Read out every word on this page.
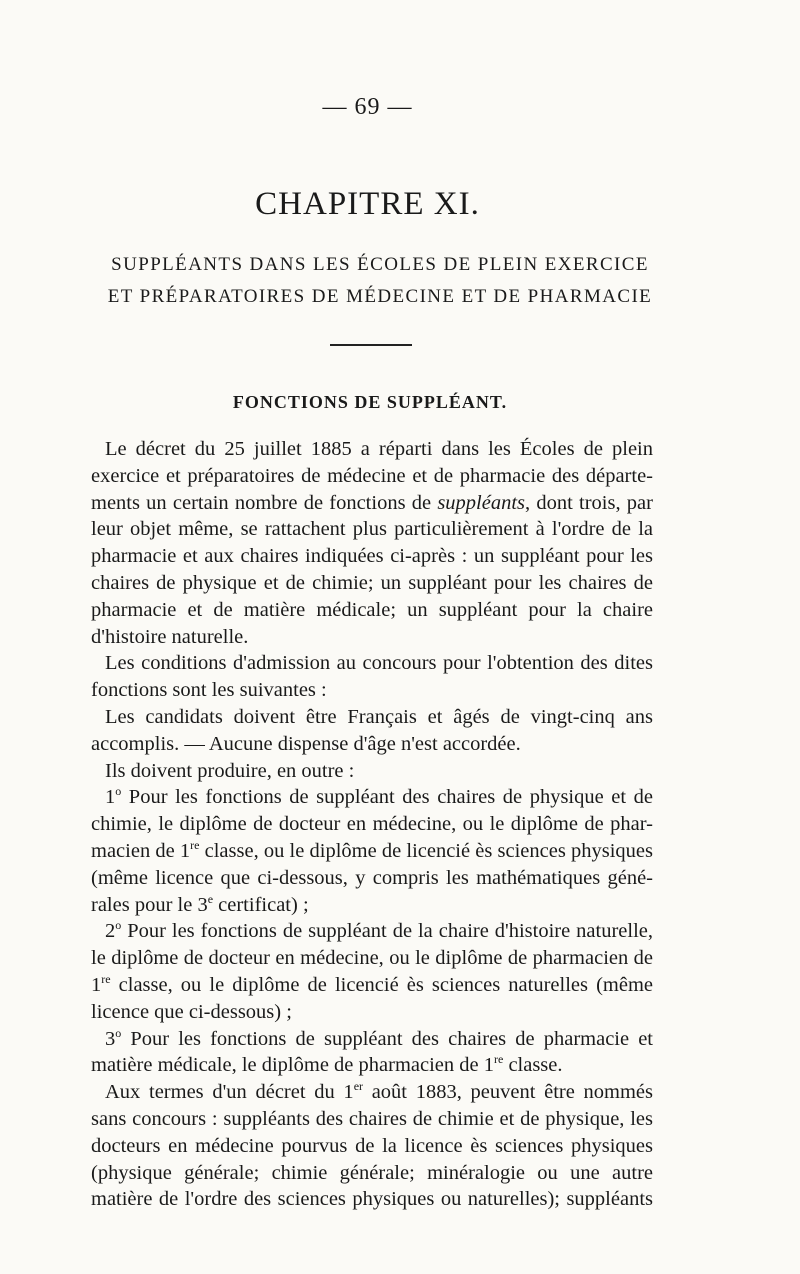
— 69 —
CHAPITRE XI.
SUPPLÉANTS DANS LES ÉCOLES DE PLEIN EXERCICE
ET PRÉPARATOIRES DE MÉDECINE ET DE PHARMACIE
FONCTIONS DE SUPPLÉANT.
Le décret du 25 juillet 1885 a réparti dans les Écoles de plein
exercice et préparatoires de médecine et de pharmacie des départe-
ments un certain nombre de fonctions de suppléants, dont trois, par
leur objet même, se rattachent plus particulièrement à l'ordre de la
pharmacie et aux chaires indiquées ci-après : un suppléant pour les
chaires de physique et de chimie; un suppléant pour les chaires de
pharmacie et de matière médicale; un suppléant pour la chaire
d'histoire naturelle.
Les conditions d'admission au concours pour l'obtention des dites
fonctions sont les suivantes :
Les candidats doivent être Français et âgés de vingt-cinq ans
accomplis. — Aucune dispense d'âge n'est accordée.
Ils doivent produire, en outre :
1$^o$ Pour les fonctions de suppléant des chaires de physique et de
chimie, le diplôme de docteur en médecine, ou le diplôme de phar-
macien de 1re classe, ou le diplôme de licencié ès sciences physiques
(même licence que ci-dessous, y compris les mathématiques géné-
rales pour le 3e certificat) ;
2$^o$ Pour les fonctions de suppléant de la chaire d'histoire naturelle,
le diplôme de docteur en médecine, ou le diplôme de pharmacien de
1re classe, ou le diplôme de licencié ès sciences naturelles (même
licence que ci-dessous) ;
3$^o$ Pour les fonctions de suppléant des chaires de pharmacie et
matière médicale, le diplôme de pharmacien de 1re classe.
Aux termes d'un décret du 1er août 1883, peuvent être nommés
sans concours : suppléants des chaires de chimie et de physique, les
docteurs en médecine pourvus de la licence ès sciences physiques
(physique générale; chimie générale; minéralogie ou une autre
matière de l'ordre des sciences physiques ou naturelles); suppléants
